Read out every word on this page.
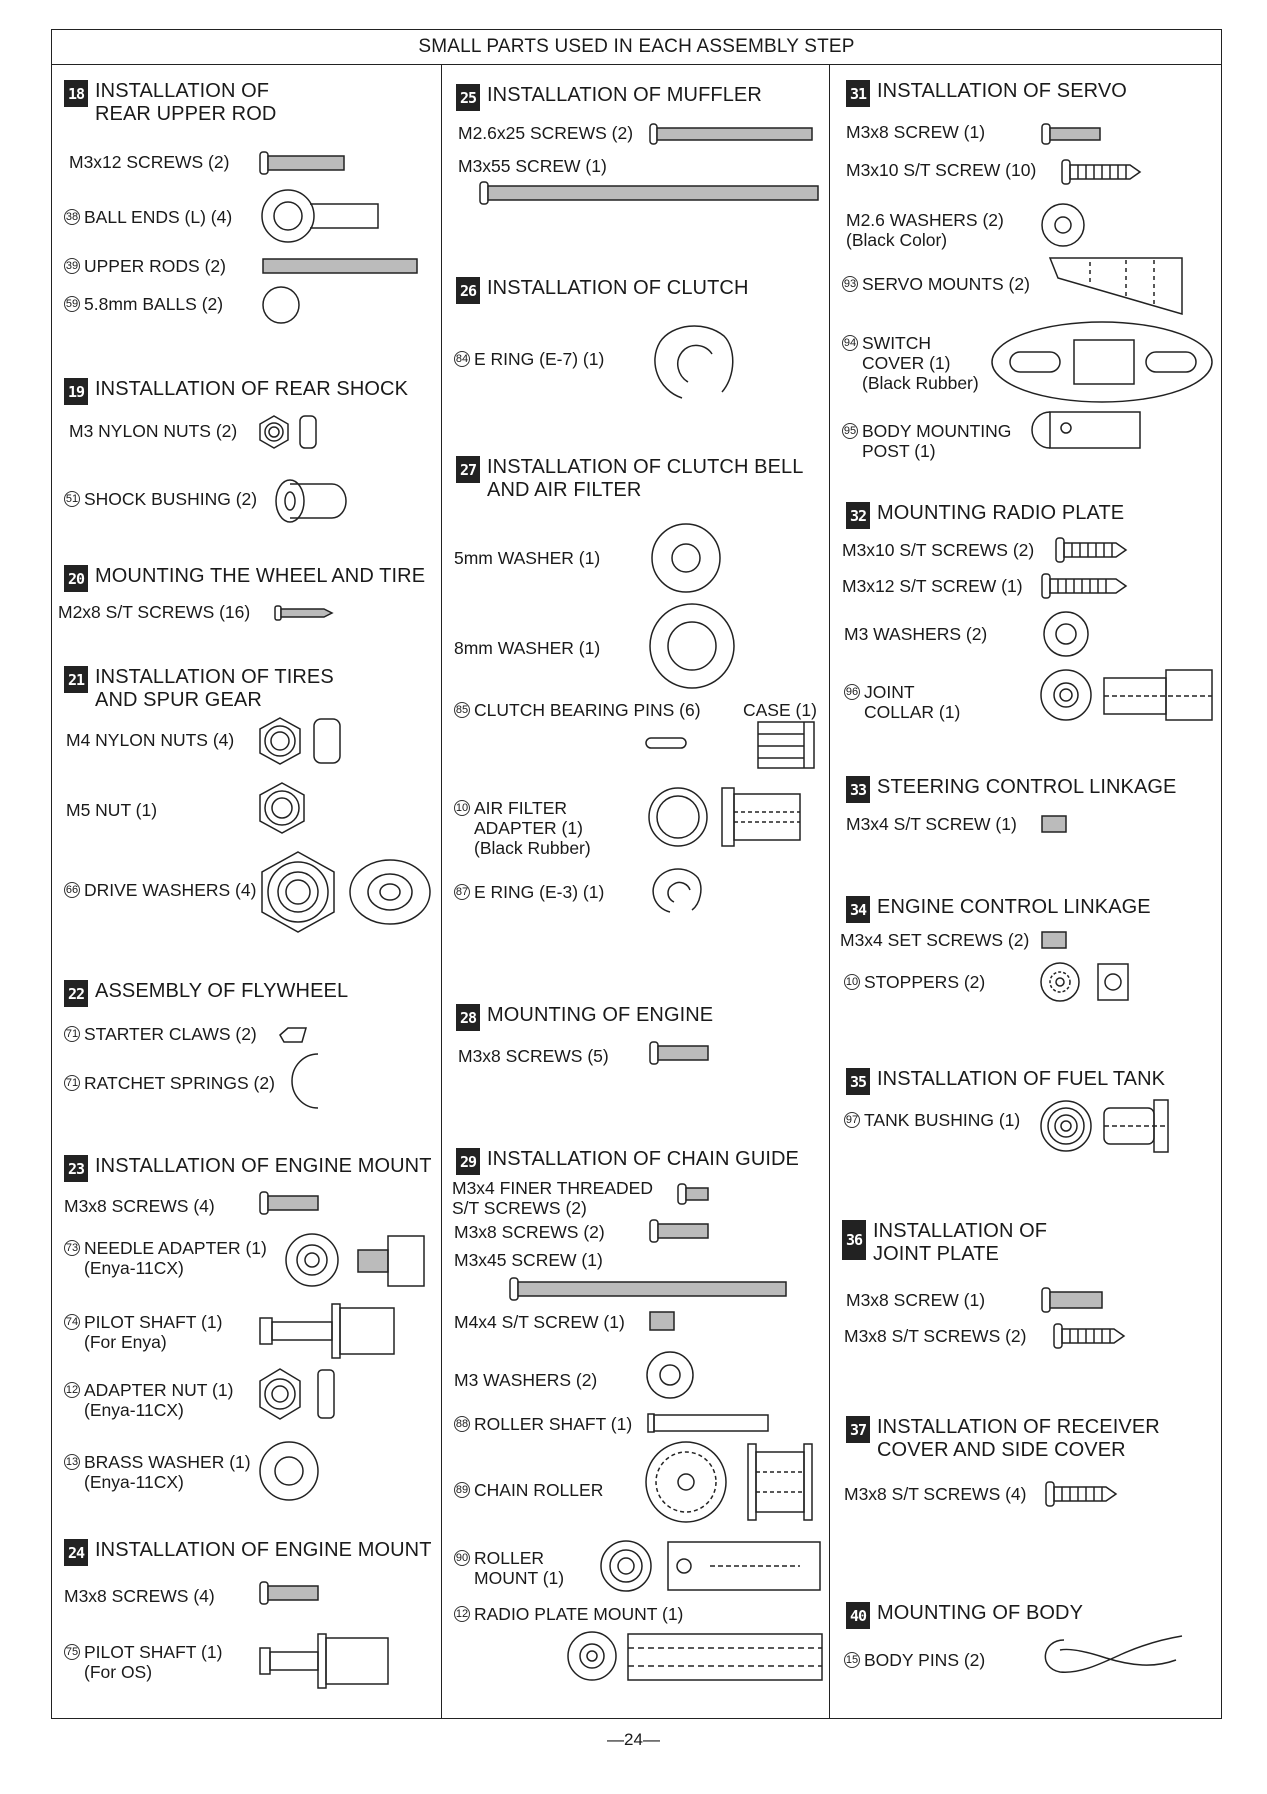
SMALL PARTS USED IN EACH ASSEMBLY STEP
18 INSTALLATION OF
REAR UPPER ROD
M3x12 SCREWS (2)
38 BALL ENDS (L) (4)
39 UPPER RODS (2)
59 5.8mm BALLS (2)
19 INSTALLATION OF REAR SHOCK
M3 NYLON NUTS (2)
51 SHOCK BUSHING (2)
20 MOUNTING THE WHEEL AND TIRE
M2x8 S/T SCREWS (16)
21 INSTALLATION OF TIRES
AND SPUR GEAR
M4 NYLON NUTS (4)
M5 NUT (1)
66 DRIVE WASHERS (4)
22 ASSEMBLY OF FLYWHEEL
71 STARTER CLAWS (2)
71 RATCHET SPRINGS (2)
23 INSTALLATION OF ENGINE MOUNT
M3x8 SCREWS (4)
73 NEEDLE ADAPTER (1)
(Enya-11CX)
74 PILOT SHAFT (1)
(For Enya)
12 ADAPTER NUT (1)
(Enya-11CX)
13 BRASS WASHER (1)
(Enya-11CX)
24 INSTALLATION OF ENGINE MOUNT
M3x8 SCREWS (4)
75 PILOT SHAFT (1)
(For OS)
25 INSTALLATION OF MUFFLER
M2.6x25 SCREWS (2)
M3x55 SCREW (1)
26 INSTALLATION OF CLUTCH
84 E RING (E-7) (1)
27 INSTALLATION OF CLUTCH BELL
AND AIR FILTER
5mm WASHER (1)
8mm WASHER (1)
85 CLUTCH BEARING PINS (6) CASE (1)
10 AIR FILTER
ADAPTER (1)
(Black Rubber)
87 E RING (E-3) (1)
28 MOUNTING OF ENGINE
M3x8 SCREWS (5)
29 INSTALLATION OF CHAIN GUIDE
M3x4 FINER THREADED
S/T SCREWS (2)
M3x8 SCREWS (2)
M3x45 SCREW (1)
M4x4 S/T SCREW (1)
M3 WASHERS (2)
88 ROLLER SHAFT (1)
89 CHAIN ROLLER
90 ROLLER
MOUNT (1)
12 RADIO PLATE MOUNT (1)
31 INSTALLATION OF SERVO
M3x8 SCREW (1)
M3x10 S/T SCREW (10)
M2.6 WASHERS (2)
(Black Color)
93 SERVO MOUNTS (2)
94 SWITCH
COVER (1)
(Black Rubber)
95 BODY MOUNTING
POST (1)
32 MOUNTING RADIO PLATE
M3x10 S/T SCREWS (2)
M3x12 S/T SCREW (1)
M3 WASHERS (2)
96 JOINT
COLLAR (1)
33 STEERING CONTROL LINKAGE
M3x4 S/T SCREW (1)
34 ENGINE CONTROL LINKAGE
M3x4 SET SCREWS (2)
10 STOPPERS (2)
35 INSTALLATION OF FUEL TANK
97 TANK BUSHING (1)
36 INSTALLATION OF
JOINT PLATE
M3x8 SCREW (1)
M3x8 S/T SCREWS (2)
37 INSTALLATION OF RECEIVER
COVER AND SIDE COVER
M3x8 S/T SCREWS (4)
40 MOUNTING OF BODY
15 BODY PINS (2)
—24—
